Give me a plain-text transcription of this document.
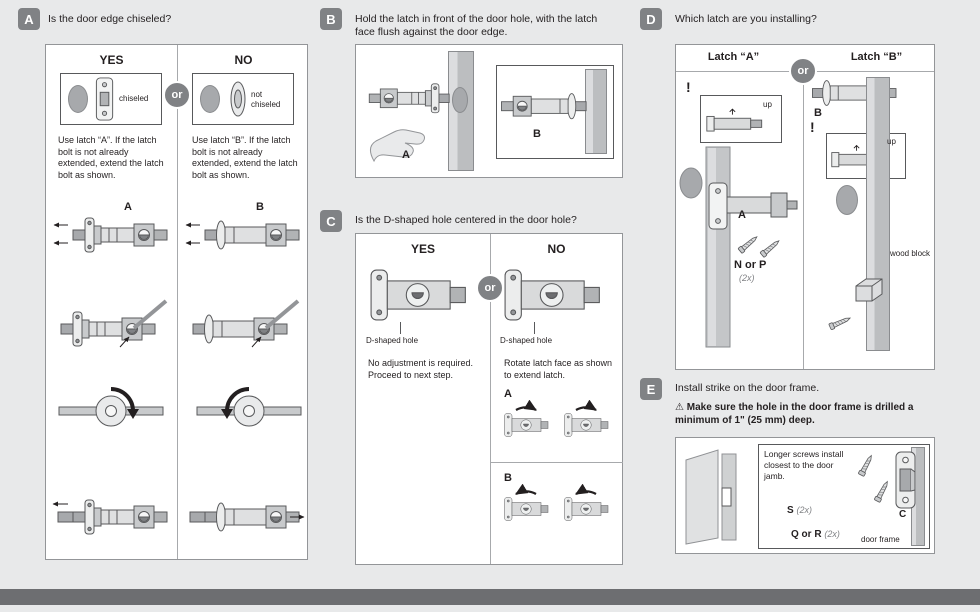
A	Is the door edge chiseled?
YES	NO
or
chiseled
Use latch “A”. If the latch bolt is not already extended, extend the latch bolt as shown.
not chiseled
Use latch “B”. If the latch bolt is not already extended, extend the latch bolt as shown.
A	B
B	Hold the latch in front of the door hole, with the latch face flush against the door edge.
A
B
C	Is the D-shaped hole centered in the door hole?
YES	NO
or
D-shaped hole
No adjustment is required. Proceed to next step.
D-shaped hole
Rotate latch face as shown to extend latch.
A
B
D	Which latch are you installing?
Latch “A”	Latch “B”
or
!
up
A
N or P
(2x)
B
!
up
wood block
E	Install strike on the door frame.
⚠ Make sure the hole in the door frame is drilled a minimum of 1" (25 mm) deep.
Longer screws install closest to the door jamb.
S (2x)	C
Q or R (2x)
door frame
